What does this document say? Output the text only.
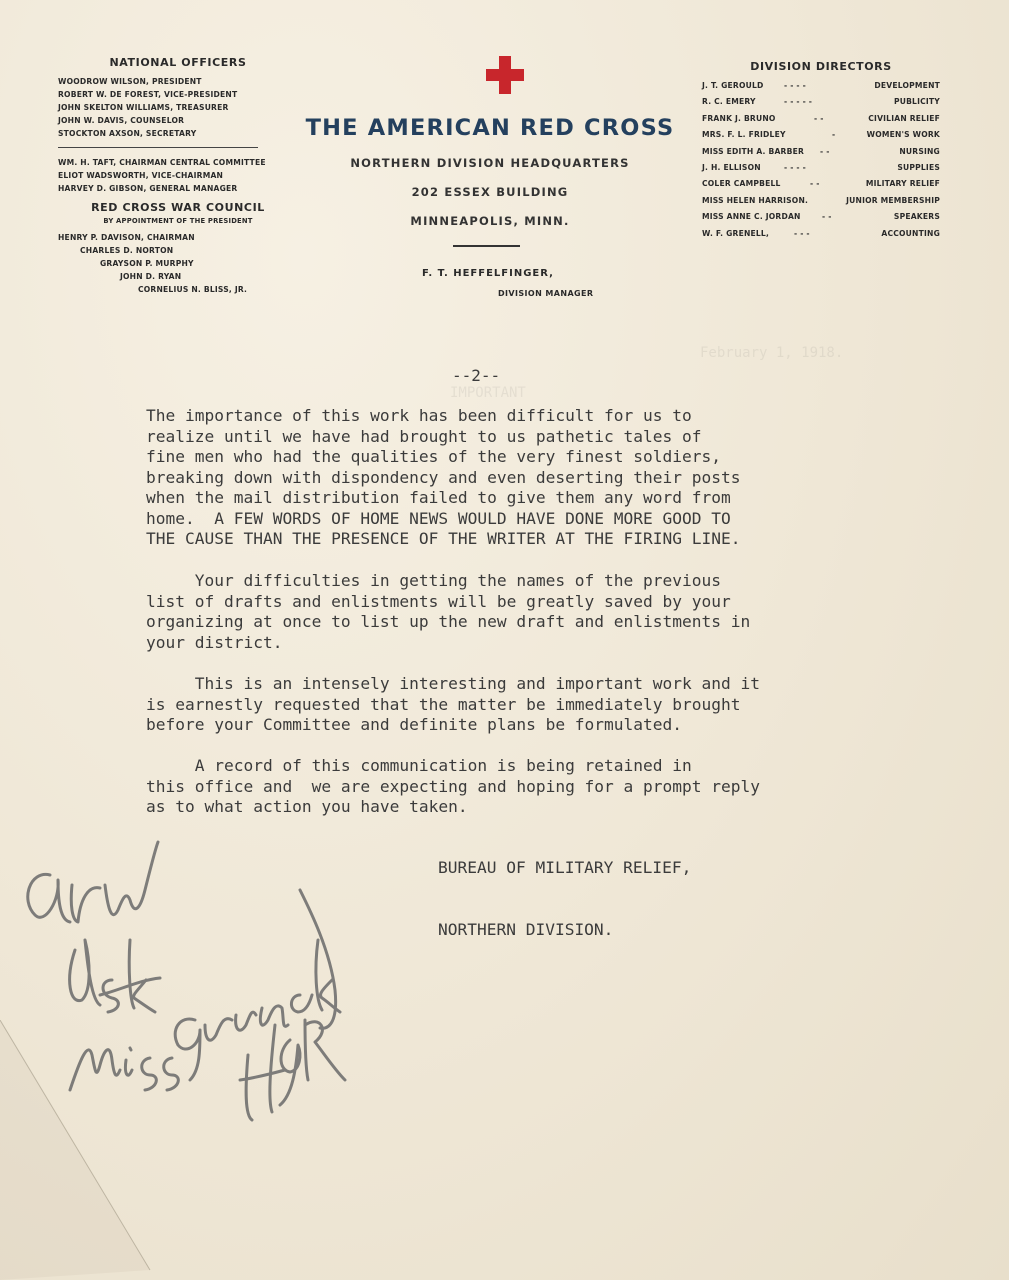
February 1, 1918.
IMPORTANT
NATIONAL OFFICERS
WOODROW WILSON, PRESIDENT
ROBERT W. DE FOREST, VICE-PRESIDENT
JOHN SKELTON WILLIAMS, TREASURER
JOHN W. DAVIS, COUNSELOR
STOCKTON AXSON, SECRETARY
WM. H. TAFT, CHAIRMAN CENTRAL COMMITTEE
ELIOT WADSWORTH, VICE-CHAIRMAN
HARVEY D. GIBSON, GENERAL MANAGER
RED CROSS WAR COUNCIL
BY APPOINTMENT OF THE PRESIDENT
HENRY P. DAVISON, CHAIRMAN
CHARLES D. NORTON
GRAYSON P. MURPHY
JOHN D. RYAN
CORNELIUS N. BLISS, JR.
THE AMERICAN RED CROSS
NORTHERN DIVISION HEADQUARTERS
202 ESSEX BUILDING
MINNEAPOLIS, MINN.
F. T. HEFFELFINGER,
DIVISION MANAGER
DIVISION DIRECTORS
J. T. GEROULD	- - - -	DEVELOPMENT
R. C. EMERY	- - - - -	PUBLICITY
FRANK J. BRUNO	- -	CIVILIAN RELIEF
MRS. F. L. FRIDLEY	-	WOMEN'S WORK
MISS EDITH A. BARBER - -	NURSING
J. H. ELLISON	- - - -	SUPPLIES
COLER CAMPBELL	- -	MILITARY RELIEF
MISS HELEN HARRISON.	JUNIOR MEMBERSHIP
MISS ANNE C. JORDAN	- -	SPEAKERS
W. F. GRENELL,	- - -	ACCOUNTING
--2--
The importance of this work has been difficult for us to
realize until we have had brought to us pathetic tales of
fine men who had the qualities of the very finest soldiers,
breaking down with dispondency and even deserting their posts
when the mail distribution failed to give them any word from
home.  A FEW WORDS OF HOME NEWS WOULD HAVE DONE MORE GOOD TO
THE CAUSE THAN THE PRESENCE OF THE WRITER AT THE FIRING LINE.
Your difficulties in getting the names of the previous
list of drafts and enlistments will be greatly saved by your
organizing at once to list up the new draft and enlistments in
your district.
This is an intensely interesting and important work and it
is earnestly requested that the matter be immediately brought
before your Committee and definite plans be formulated.
A record of this communication is being retained in
this office and  we are expecting and hoping for a prompt reply
as to what action you have taken.
BUREAU OF MILITARY RELIEF,
NORTHERN DIVISION.
